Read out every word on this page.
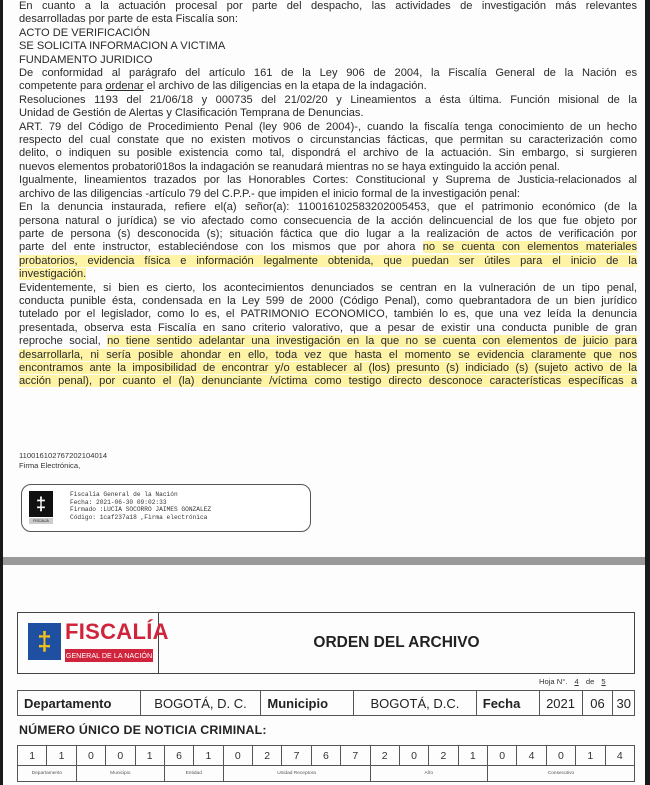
En cuanto a la actuación procesal por parte del despacho, las actividades de investigación más relevantes
desarrolladas por parte de esta Fiscalía son:
ACTO DE VERIFICACIÓN
SE SOLICITA INFORMACION A VICTIMA
FUNDAMENTO JURIDICO
De conformidad al parágrafo del artículo 161 de la Ley 906 de 2004, la Fiscalía General de la Nación es
competente para ordenar el archivo de las diligencias en la etapa de la indagación.
Resoluciones 1193 del 21/06/18 y 000735 del 21/02/20 y Lineamientos a ésta última. Función misional de la
Unidad de Gestión de Alertas y Clasificación Temprana de Denuncias.
ART. 79 del Código de Procedimiento Penal (ley 906 de 2004)-, cuando la fiscalía tenga conocimiento de un hecho
respecto del cual constate que no existen motivos o circunstancias fácticas, que permitan su caracterización como
delito, o indiquen su posible existencia como tal, dispondrá el archivo de la actuación. Sin embargo, si surgieren
nuevos elementos probatori018os la indagación se reanudará mientras no se haya extinguido la acción penal.
Igualmente, lineamientos trazados por las Honorables Cortes: Constitucional y Suprema de Justicia-relacionados al
archivo de las diligencias -artículo 79 del C.P.P.- que impiden el inicio formal de la investigación penal:
En la denuncia instaurada, refiere el(a) señor(a): 110016102583202005453, que el patrimonio económico (de la
persona natural o jurídica) se vio afectado como consecuencia de la acción delincuencial de los que fue objeto por
parte de persona (s) desconocida (s); situación fáctica que dio lugar a la realización de actos de verificación por
parte del ente instructor, estableciéndose con los mismos que por ahora no se cuenta con elementos materiales
probatorios, evidencia física e información legalmente obtenida, que puedan ser útiles para el inicio de la
investigación.
Evidentemente, si bien es cierto, los acontecimientos denunciados se centran en la vulneración de un tipo penal,
conducta punible ésta, condensada en la Ley 599 de 2000 (Código Penal), como quebrantadora de un bien jurídico
tutelado por el legislador, como lo es, el PATRIMONIO ECONOMICO, también lo es, que una vez leída la denuncia
presentada, observa esta Fiscalía en sano criterio valorativo, que a pesar de existir una conducta punible de gran
reproche social, no tiene sentido adelantar una investigación en la que no se cuenta con elementos de juicio para
desarrollarla, ni sería posible ahondar en ello, toda vez que hasta el momento se evidencia claramente que nos
encontramos ante la imposibilidad de encontrar y/o establecer al (los) presunto (s) indiciado (s) (sujeto activo de la
acción penal), por cuanto el (la) denunciante /víctima como testigo directo desconoce características específicas a
110016102767202104014
Firma Electrónica,
‡
FISCALÍA
Fiscalía General de la Nación
Fecha: 2021-06-30 09:02:33
Firmado :LUCIA SOCORRO JAIMES GONZALEZ
Código: 1caf237a18 ,Firma electrónica
‡ FISCALÍA
GENERAL DE LA NACIÓN
ORDEN DEL ARCHIVO
Hoja N°. 4 de 5
Departamento	BOGOTÁ, D. C.	Municipio	BOGOTÁ, D.C.	Fecha	2021	06	30
NÚMERO ÚNICO DE NOTICIA CRIMINAL:
1	1	0	0	1	6	1	0	2	7	6	7	2	0	2	1	0	4	0	1	4
Departamento		Municipio			Entidad		Unidad Receptora					Año				Consecutivo				
